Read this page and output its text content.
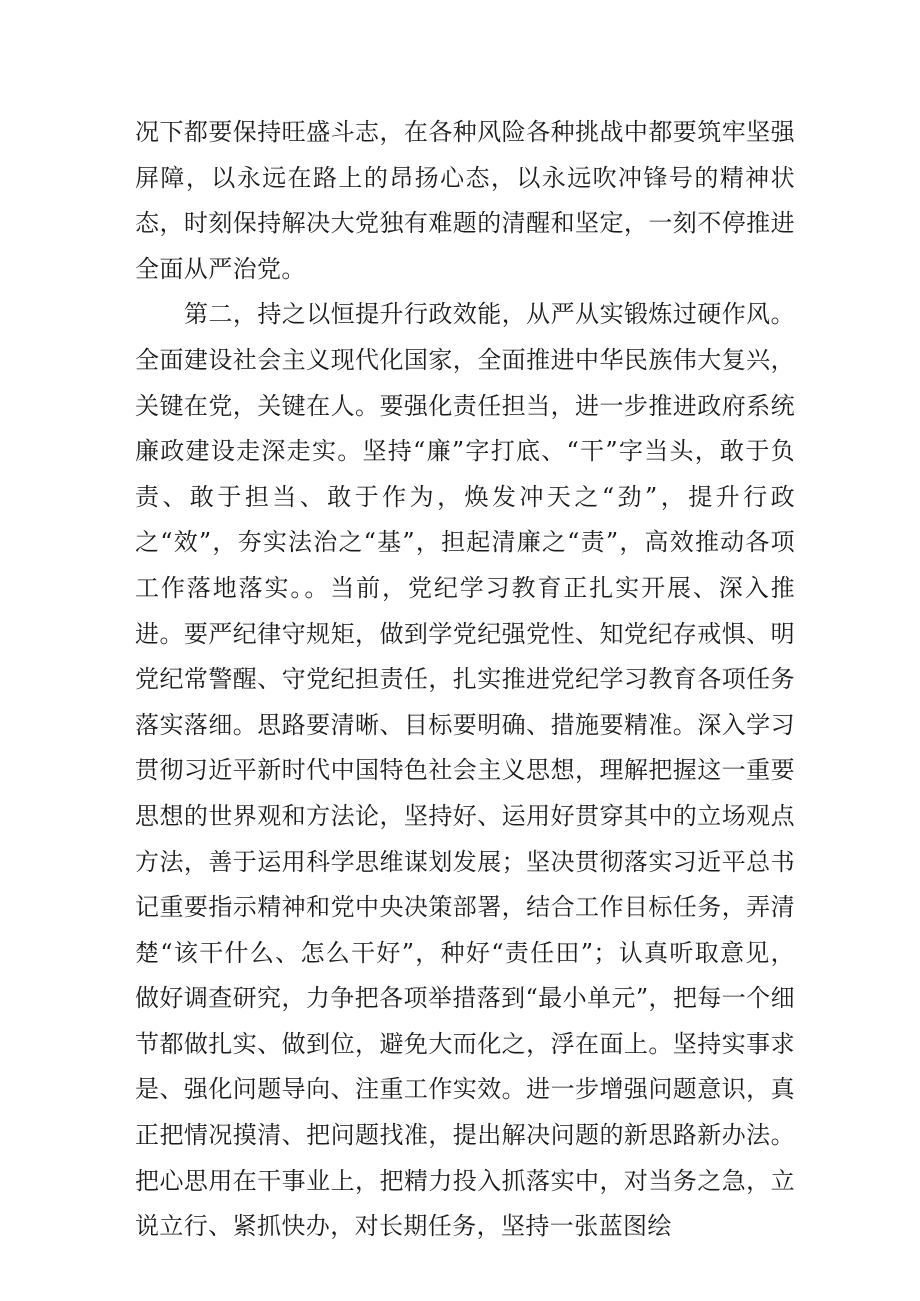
况下都要保持旺盛斗志，在各种风险各种挑战中都要筑牢坚强屏障，以永远在路上的昂扬心态，以永远吹冲锋号的精神状态，时刻保持解决大党独有难题的清醒和坚定，一刻不停推进全面从严治党。

第二，持之以恒提升行政效能，从严从实锻炼过硬作风。全面建设社会主义现代化国家，全面推进中华民族伟大复兴，关键在党，关键在人。要强化责任担当，进一步推进政府系统廉政建设走深走实。坚持“廉”字打底、“干”字当头，敢于负责、敢于担当、敢于作为，焕发冲天之“劲”，提升行政之“效”，夯实法治之“基”，担起清廉之“责”，高效推动各项工作落地落实。。当前，党纪学习教育正扎实开展、深入推进。要严纪律守规矩，做到学党纪强党性、知党纪存戒惧、明党纪常警醒、守党纪担责任，扎实推进党纪学习教育各项任务落实落细。思路要清晰、目标要明确、措施要精准。深入学习贯彻习近平新时代中国特色社会主义思想，理解把握这一重要思想的世界观和方法论，坚持好、运用好贯穿其中的立场观点方法，善于运用科学思维谋划发展；坚决贯彻落实习近平总书记重要指示精神和党中央决策部署，结合工作目标任务，弄清楚“该干什么、怎么干好”，种好“责任田”；认真听取意见，做好调查研究，力争把各项举措落到“最小单元”，把每一个细节都做扎实、做到位，避免大而化之，浮在面上。坚持实事求是、强化问题导向、注重工作实效。进一步增强问题意识，真正把情况摸清、把问题找准，提出解决问题的新思路新办法。把心思用在干事业上，把精力投入抓落实中，对当务之急，立说立行、紧抓快办，对长期任务，坚持一张蓝图绘
